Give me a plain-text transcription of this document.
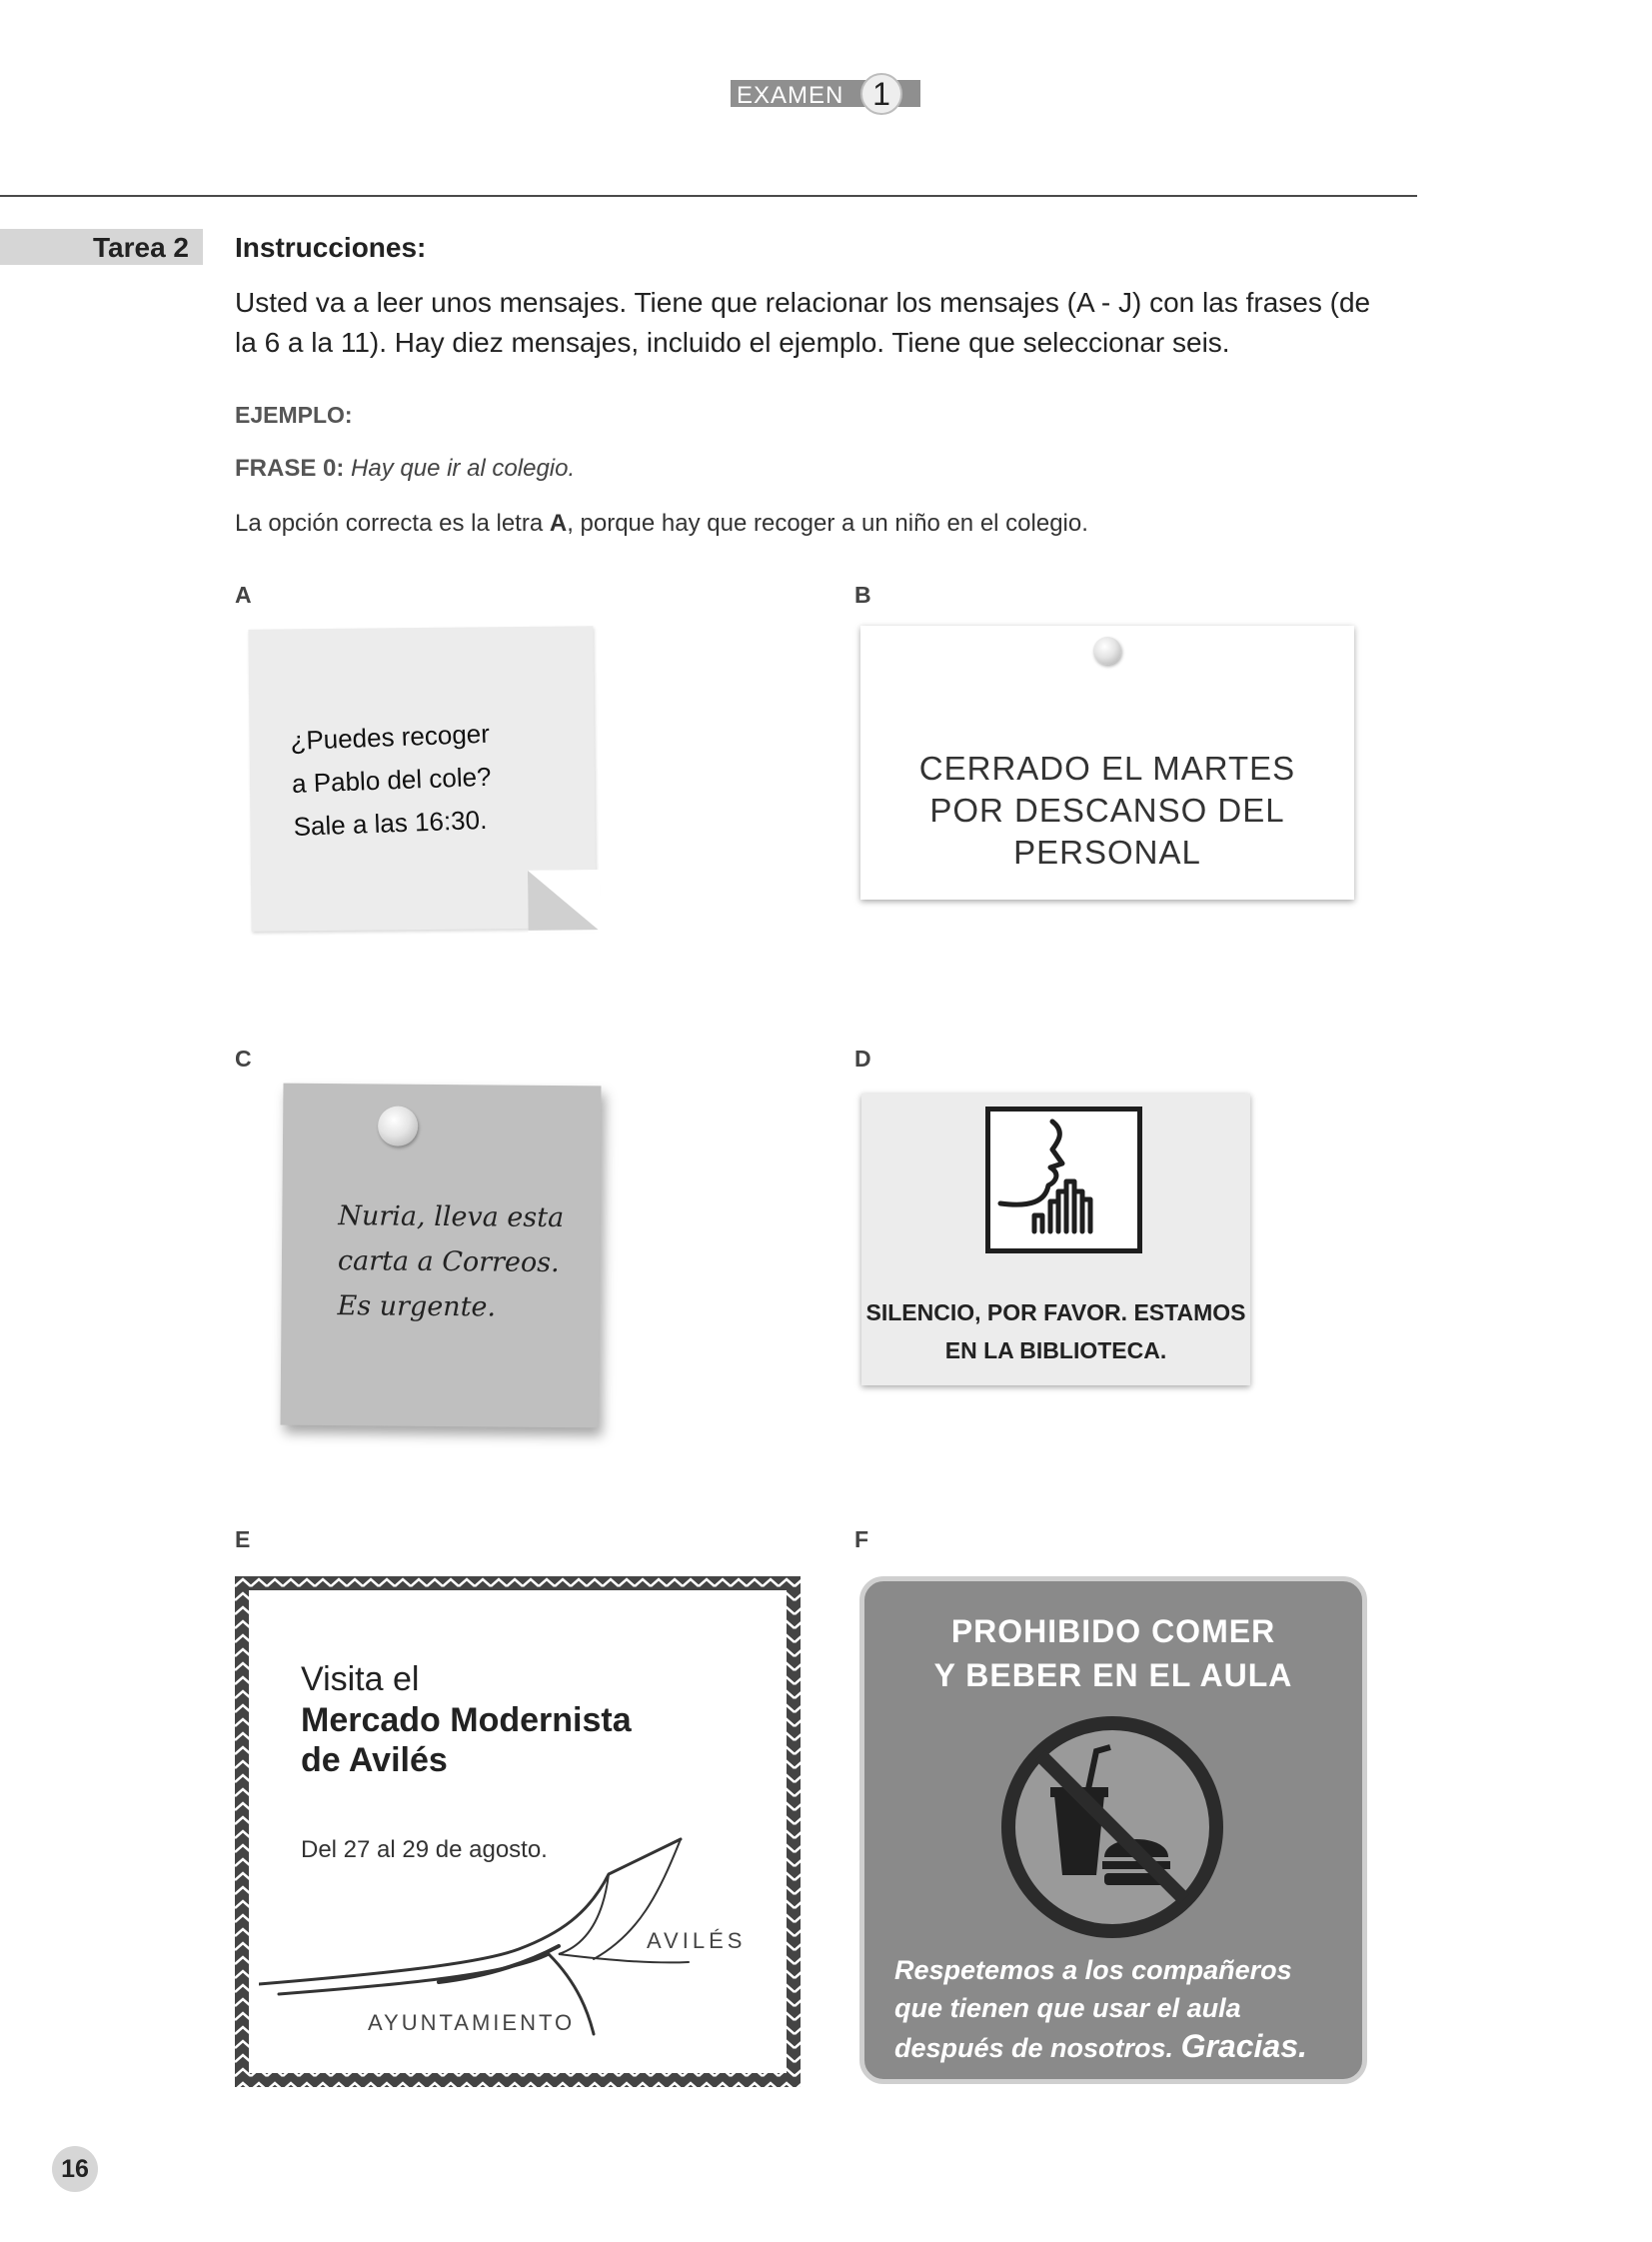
EXAMEN 1
Tarea 2 Instrucciones:
Usted va a leer unos mensajes. Tiene que relacionar los mensajes (A - J) con las frases (de
la 6 a la 11). Hay diez mensajes, incluido el ejemplo. Tiene que seleccionar seis.
EJEMPLO:
FRASE 0: Hay que ir al colegio.
La opción correcta es la letra A, porque hay que recoger a un niño en el colegio.
A	B
C	D
E	F
¿Puedes recoger
a Pablo del cole?
Sale a las 16:30.
CERRADO EL MARTES
POR DESCANSO DEL
PERSONAL
Nuria, lleva esta
carta a Correos.
Es urgente.	SILENCIO, POR FAVOR. ESTAMOS
EN LA BIBLIOTECA.
Visita el
Mercado Modernista
de Avilés
Del 27 al 29 de agosto.
AVILÉS
AYUNTAMIENTO
PROHIBIDO COMER
Y BEBER EN EL AULA
Respetemos a los compañeros
que tienen que usar el aula
después de nosotros. Gracias.
16
